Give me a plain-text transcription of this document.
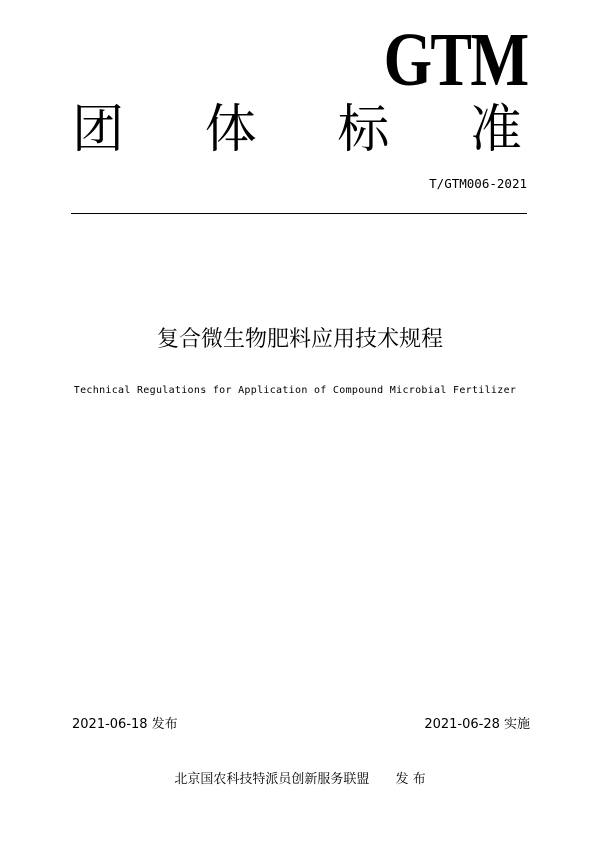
GTM
团 体 标 准
T/GTM006-2021
复合微生物肥料应用技术规程
Technical Regulations for Application of Compound Microbial Fertilizer
2021-06-18 发布	2021-06-28 实施
北京国农科技特派员创新服务联盟 发 布
